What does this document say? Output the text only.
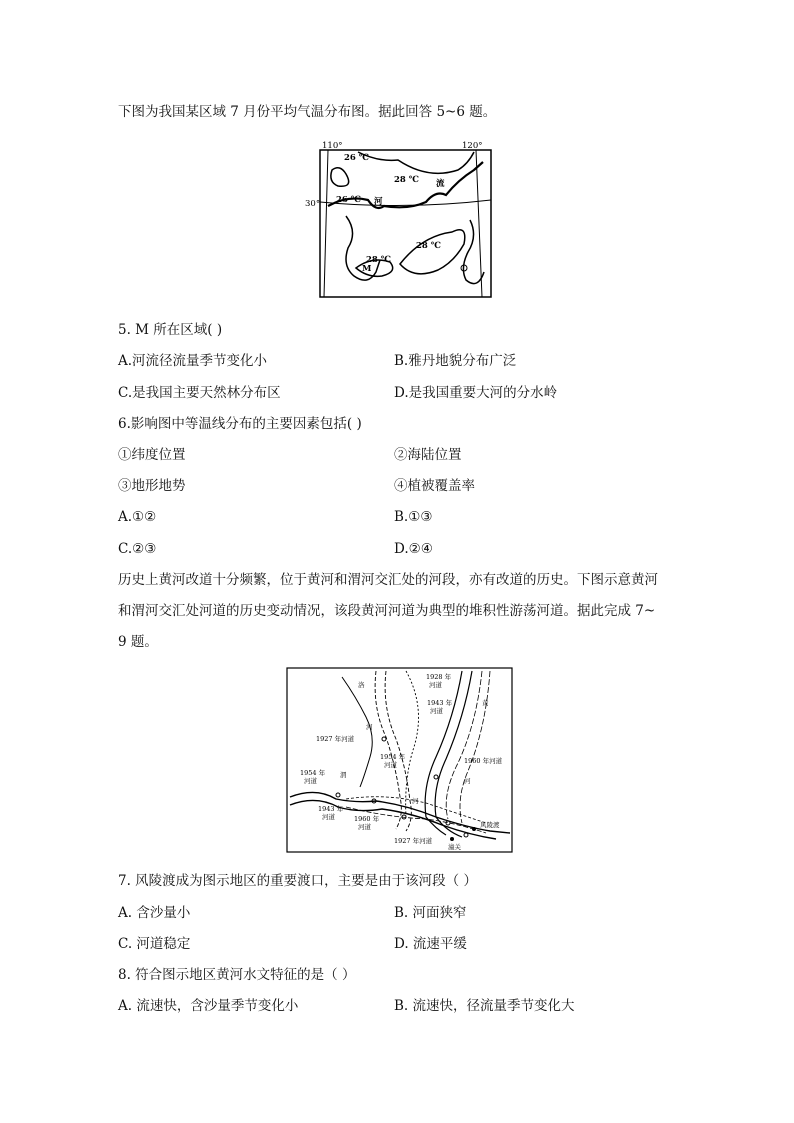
下图为我国某区域 7 月份平均气温分布图。据此回答 5~6 题。
110°	120°
30°
26 ℃
28 ℃
26 ℃
28 ℃
28 ℃
河
流
M
5. M 所在区域( )
A.河流径流量季节变化小	B.雅丹地貌分布广泛
C.是我国主要天然林分布区	D.是我国重要大河的分水岭
6.影响图中等温线分布的主要因素包括( )
①纬度位置	②海陆位置
③地形地势	④植被覆盖率
A.①②	B.①③
C.②③	D.②④
历史上黄河改道十分频繁，位于黄河和渭河交汇处的河段，亦有改道的历史。下图示意黄河
和渭河交汇处河道的历史变动情况，该段黄河河道为典型的堆积性游荡河道。据此完成 7~
9 题。
1928 年
河道
1943 年
河道
黄
洛
河
1927 年河道
1954 年
河道	1960 年河道
河
1954 年
河道
渭
1943 年
河道
河
1960 年
河道	风陵渡
潼关
1927 年河道
7. 风陵渡成为图示地区的重要渡口，主要是由于该河段（ ）
A. 含沙量小	B. 河面狭窄
C. 河道稳定	D. 流速平缓
8. 符合图示地区黄河水文特征的是（ ）
A. 流速快，含沙量季节变化小	B. 流速快，径流量季节变化大
